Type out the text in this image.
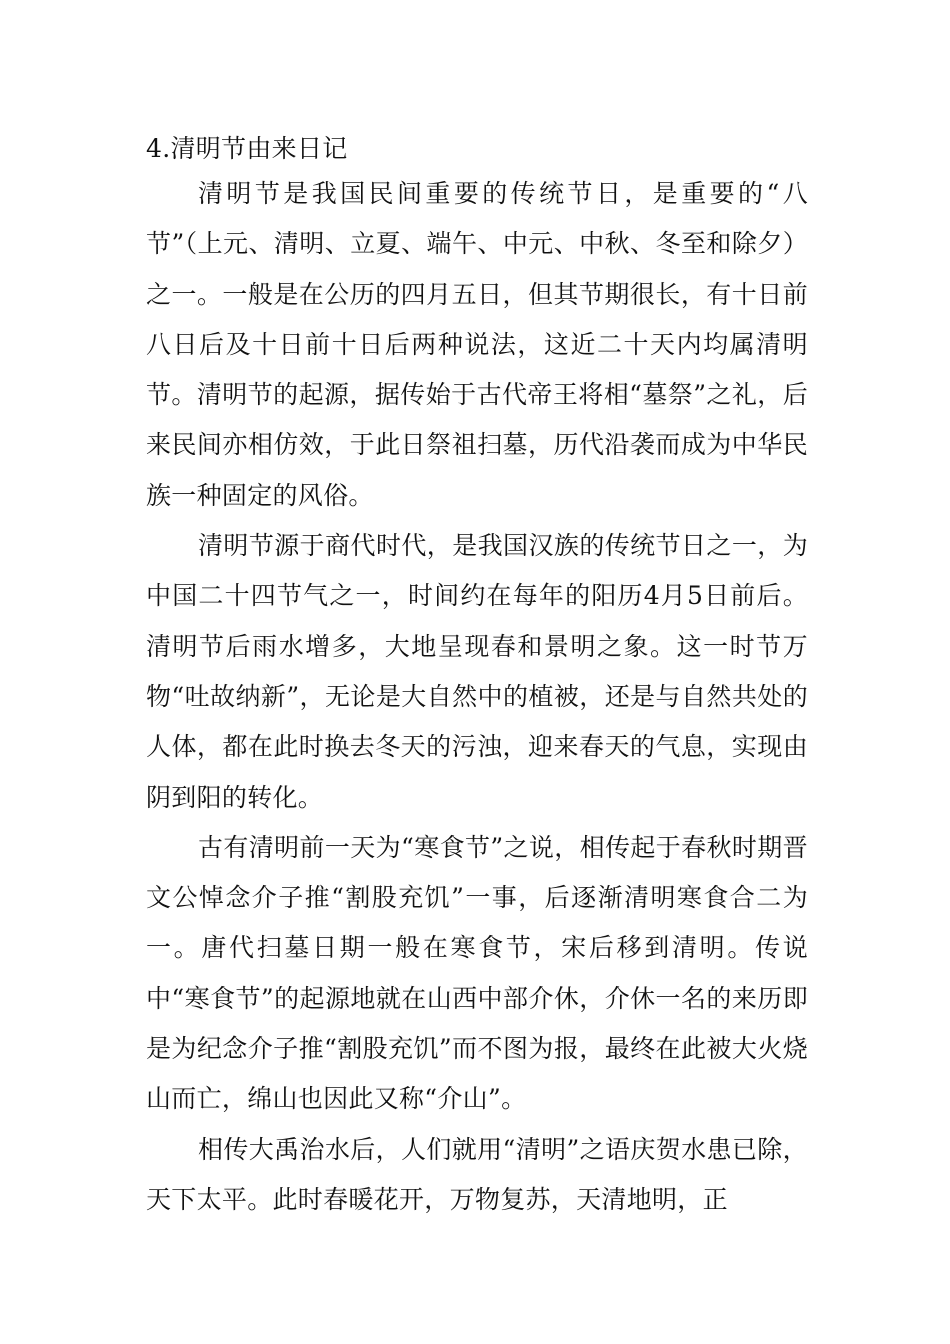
4.清明节由来日记

清明节是我国民间重要的传统节日，是重要的“八节”（上元、清明、立夏、端午、中元、中秋、冬至和除夕）之一。一般是在公历的四月五日，但其节期很长，有十日前八日后及十日前十日后两种说法，这近二十天内均属清明节。清明节的起源，据传始于古代帝王将相“墓祭”之礼，后来民间亦相仿效，于此日祭祖扫墓，历代沿袭而成为中华民族一种固定的风俗。

清明节源于商代时代，是我国汉族的传统节日之一，为中国二十四节气之一，时间约在每年的阳历4月5日前后。清明节后雨水增多，大地呈现春和景明之象。这一时节万物“吐故纳新”，无论是大自然中的植被，还是与自然共处的人体，都在此时换去冬天的污浊，迎来春天的气息，实现由阴到阳的转化。

古有清明前一天为“寒食节”之说，相传起于春秋时期晋文公悼念介子推“割股充饥”一事，后逐渐清明寒食合二为一。唐代扫墓日期一般在寒食节，宋后移到清明。传说中“寒食节”的起源地就在山西中部介休，介休一名的来历即是为纪念介子推“割股充饥”而不图为报，最终在此被大火烧山而亡，绵山也因此又称“介山”。

相传大禹治水后，人们就用“清明”之语庆贺水患已除，天下太平。此时春暖花开，万物复苏，天清地明，正
